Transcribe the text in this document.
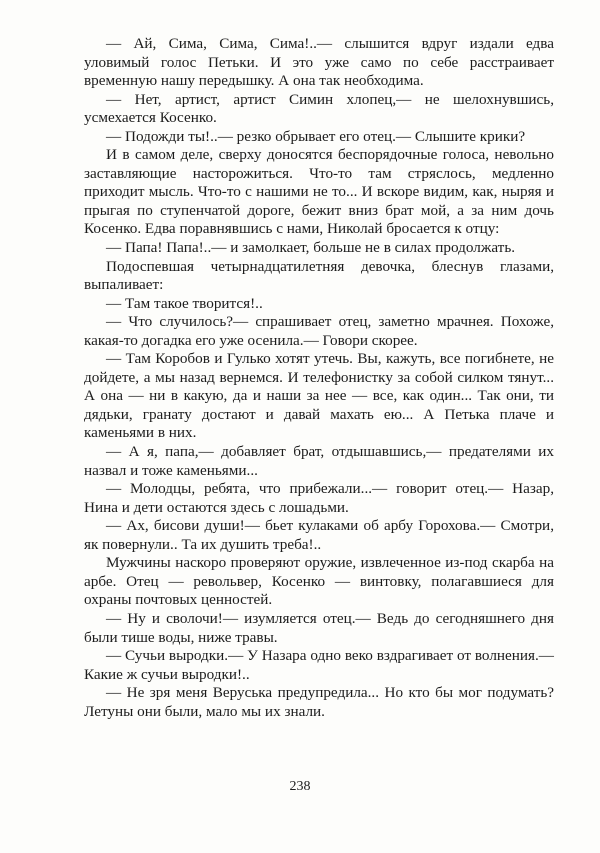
— Ай, Сима, Сима, Сима!..— слышится вдруг издали едва уловимый голос Петьки. И это уже само по себе расстраивает временную нашу передышку. А она так необходима.

— Нет, артист, артист Симин хлопец,— не шелохнувшись, усмехается Косенко.

— Подожди ты!..— резко обрывает его отец.— Слышите крики?

И в самом деле, сверху доносятся беспорядочные голоса, невольно заставляющие насторожиться. Что-то там стряслось, медленно приходит мысль. Что-то с нашими не то... И вскоре видим, как, ныряя и прыгая по ступенчатой дороге, бежит вниз брат мой, а за ним дочь Косенко. Едва поравнявшись с нами, Николай бросается к отцу:

— Папа! Папа!..— и замолкает, больше не в силах продолжать.

Подоспевшая четырнадцатилетняя девочка, блеснув глазами, выпаливает:

— Там такое творится!..

— Что случилось?— спрашивает отец, заметно мрачнея. Похоже, какая-то догадка его уже осенила.— Говори скорее.

— Там Коробов и Гулько хотят утечь. Вы, кажуть, все погибнете, не дойдете, а мы назад вернемся. И телефонистку за собой силком тянут... А она — ни в какую, да и наши за нее — все, как один... Так они, ти дядьки, гранату достают и давай махать ею... А Петька плаче и каменьями в них.

— А я, папа,— добавляет брат, отдышавшись,— предателями их назвал и тоже каменьями...

— Молодцы, ребята, что прибежали...— говорит отец.— Назар, Нина и дети остаются здесь с лошадьми.

— Ах, бисови души!— бьет кулаками об арбу Горохова.— Смотри, як повернули.. Та их душить треба!..

Мужчины наскоро проверяют оружие, извлеченное из-под скарба на арбе. Отец — револьвер, Косенко — винтовку, полагавшиеся для охраны почтовых ценностей.

— Ну и сволочи!— изумляется отец.— Ведь до сегодняшнего дня были тише воды, ниже травы.

— Сучьи выродки.— У Назара одно веко вздрагивает от волнения.— Какие ж сучьи выродки!..

— Не зря меня Веруська предупредила... Но кто бы мог подумать? Летуны они были, мало мы их знали.

238
